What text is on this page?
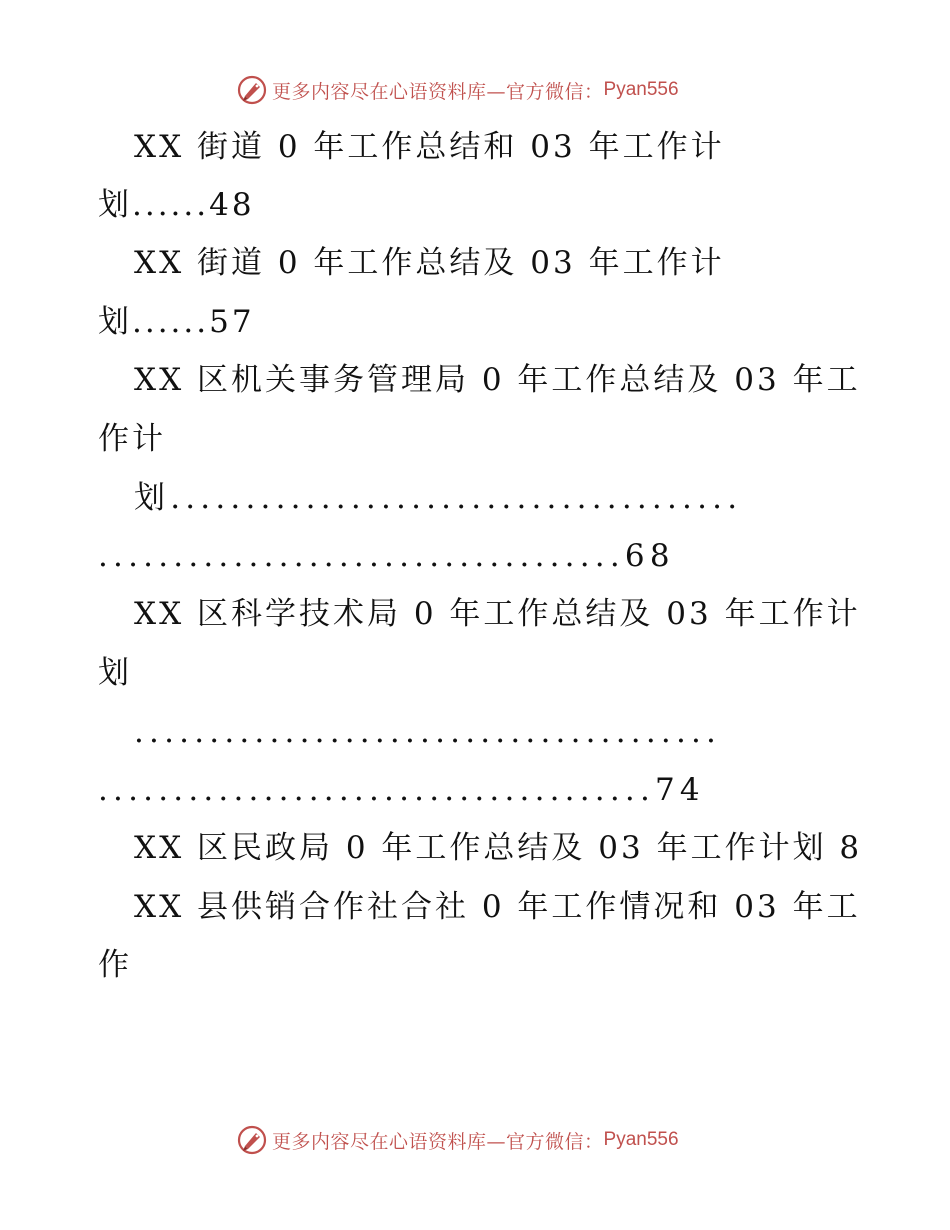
更多内容尽在心语资料库—官方微信： Pyan556
XX 街道 0 年工作总结和 03 年工作计
划......48
XX 街道 0 年工作总结及 03 年工作计
划......57
XX 区机关事务管理局 0 年工作总结及 03 年工
作计
划......................................
...................................68
XX 区科学技术局 0 年工作总结及 03 年工作计
划
.......................................
.....................................74
XX 区民政局 0 年工作总结及 03 年工作计划 8
XX 县供销合作社合社 0 年工作情况和 03 年工
作
更多内容尽在心语资料库—官方微信： Pyan556
